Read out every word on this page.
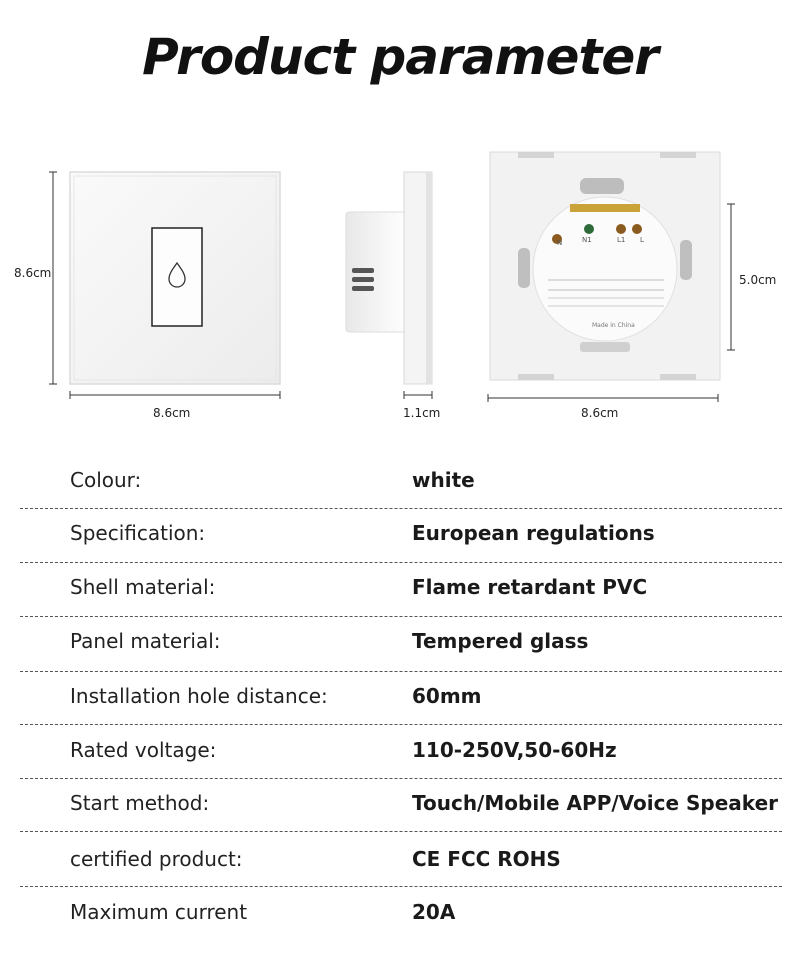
Product parameter
8.6cm
8.6cm	1.1cm	8.6cm
5.0cm
N	N1	L1 L
Made in China
Colour:	white
Specification:	European regulations
Shell material:	Flame retardant PVC
Panel material:	Tempered glass
Installation hole distance:	60mm
Rated voltage:	110-250V,50-60Hz
Start method:	Touch/Mobile APP/Voice Speaker
certified product:	CE FCC ROHS
Maximum current	20A
